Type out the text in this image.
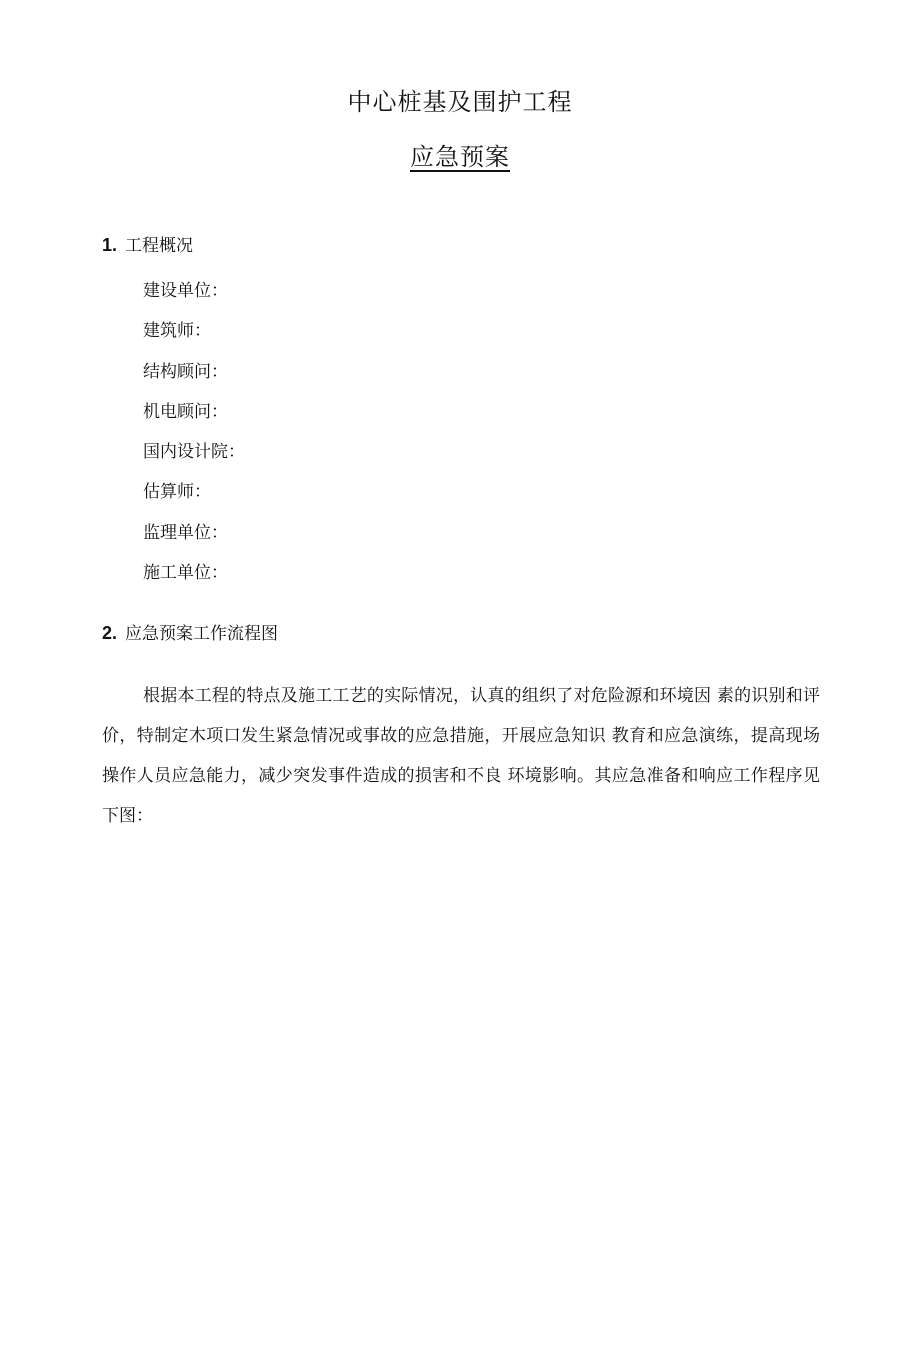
中心桩基及围护工程
应急预案
1. 工程概况
建设单位：
建筑师：
结构顾问：
机电顾问：
国内设计院：
估算师：
监理单位：
施工单位：
2. 应急预案工作流程图

根据本工程的特点及施工工艺的实际情况，认真的组织了对危险源和环境因 素的识别和评价，特制定木项口发生紧急情况或事故的应急措施，开展应急知识 教育和应急演练，提高现场操作人员应急能力，减少突发事件造成的损害和不良 环境影响。其应急准备和响应工作程序见下图：
